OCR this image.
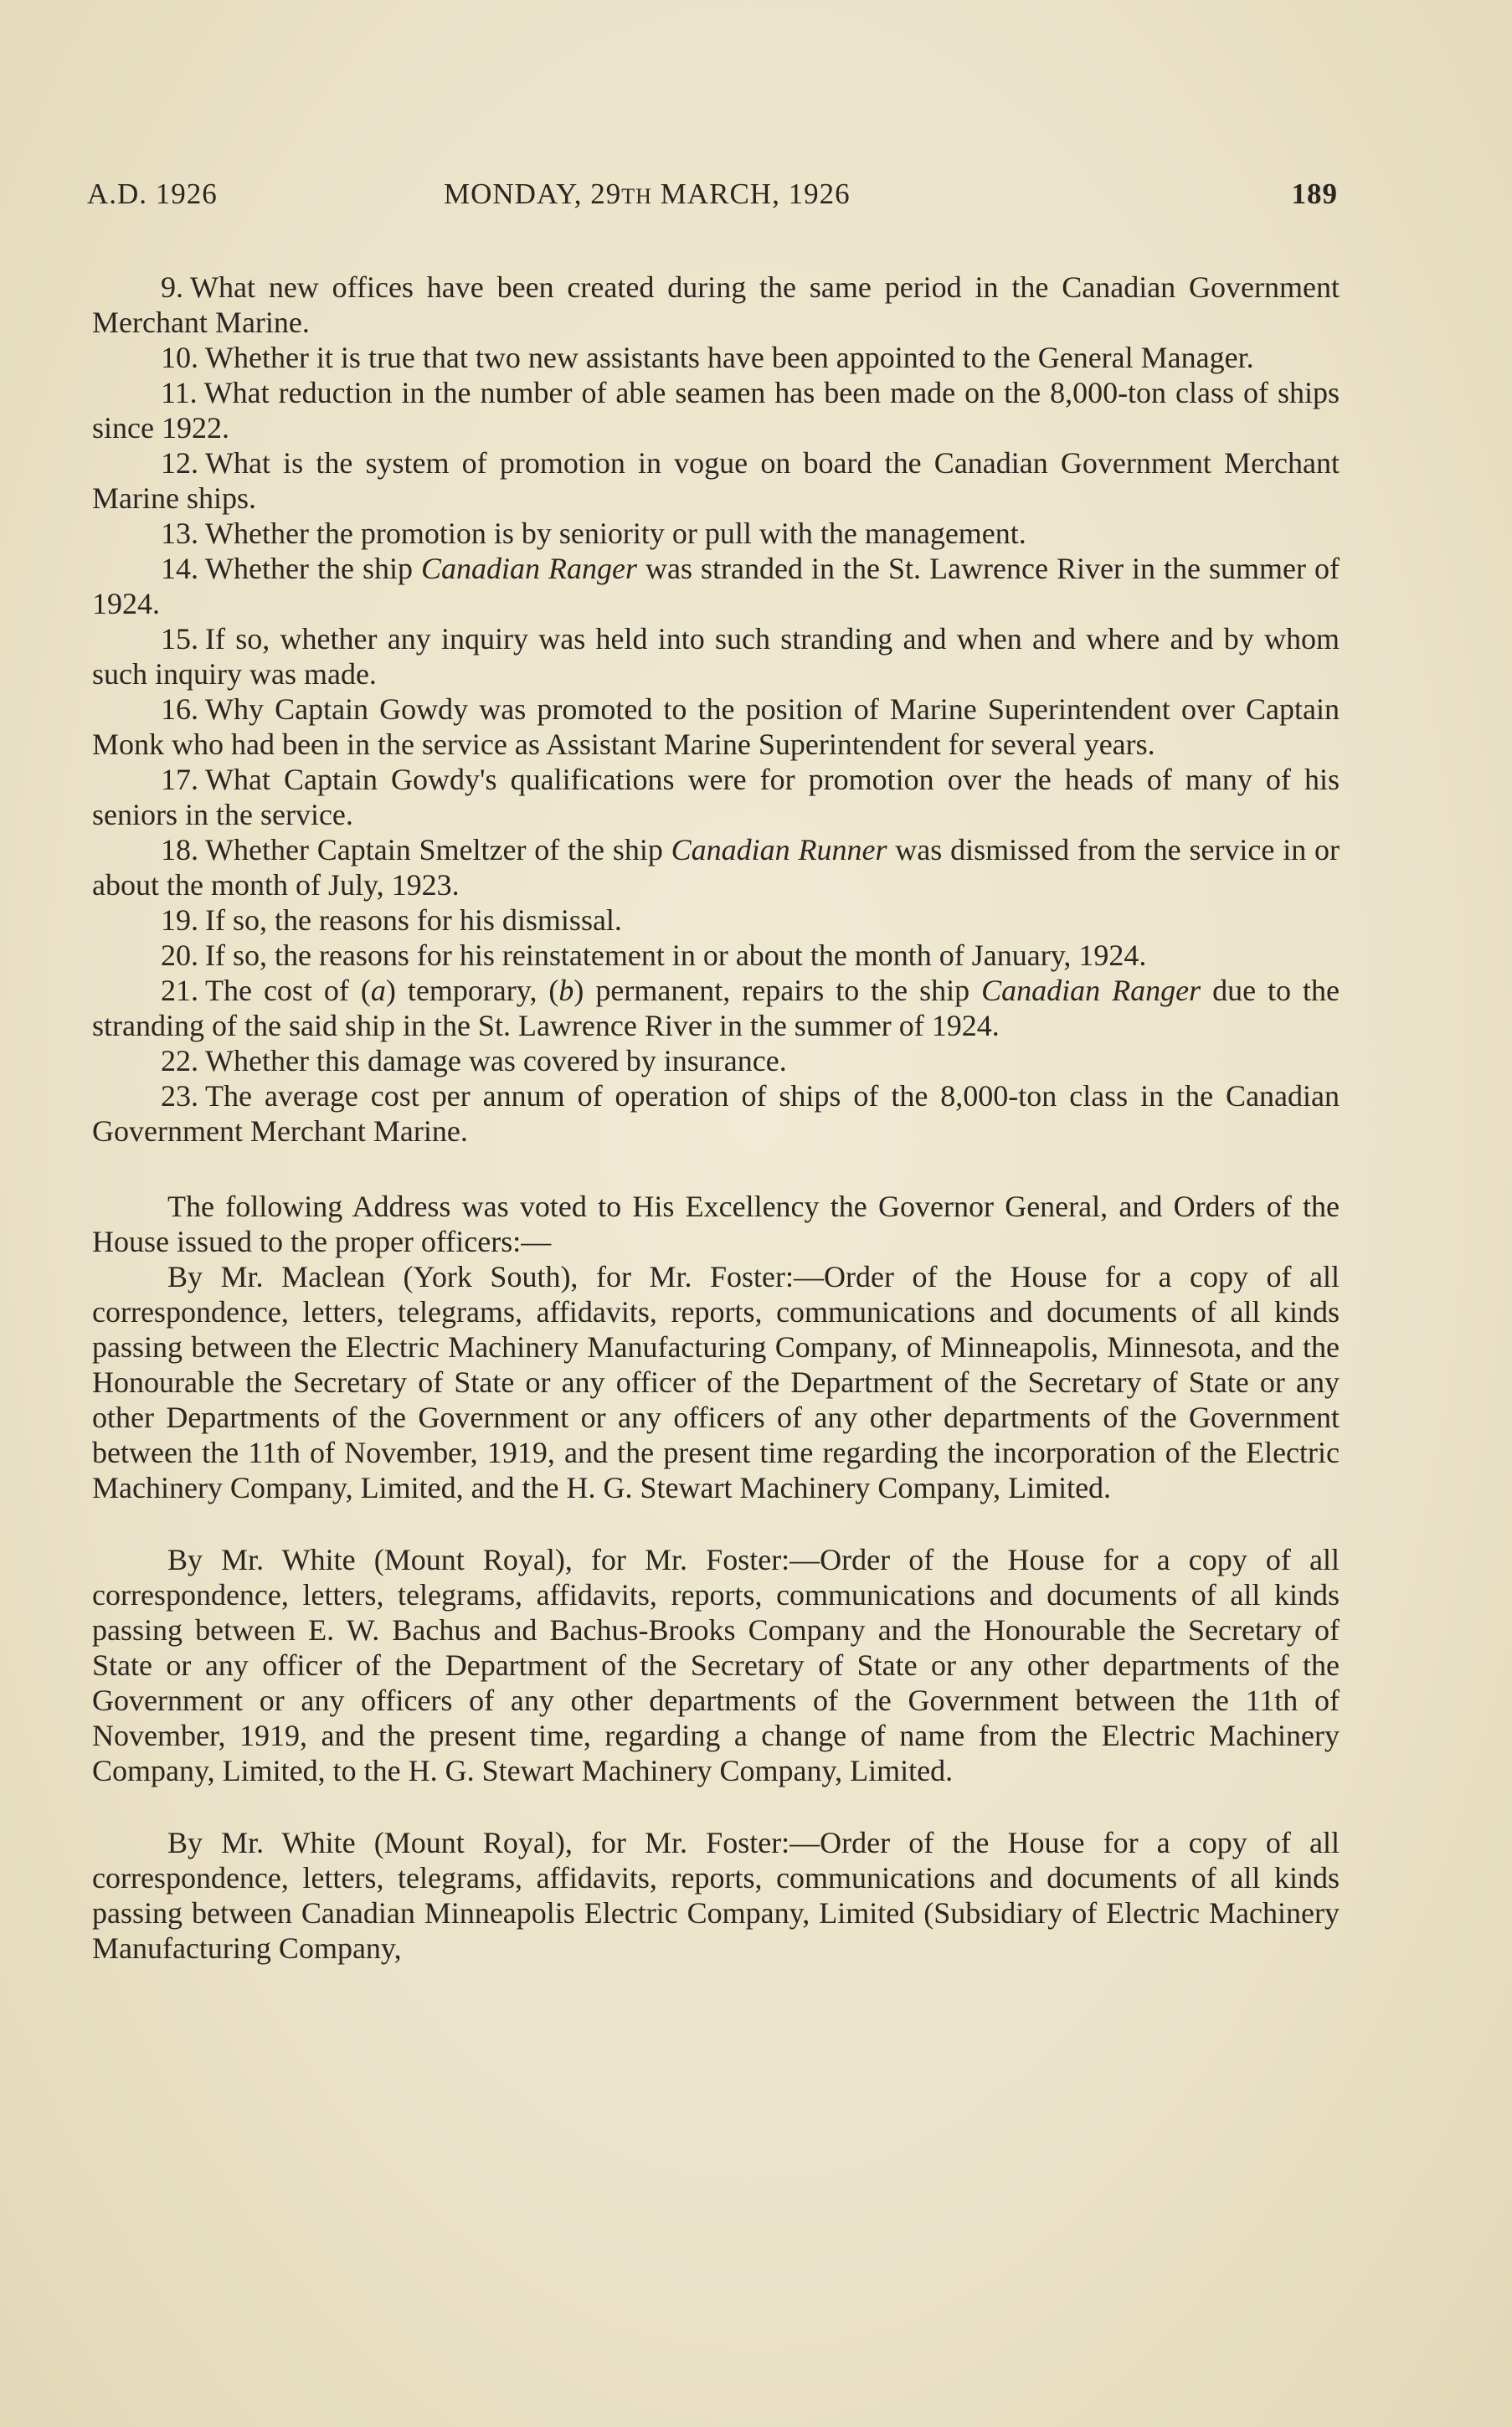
A.D. 1926	MONDAY, 29TH MARCH, 1926	189

9. What new offices have been created during the same period in the Canadian Government Merchant Marine.

10. Whether it is true that two new assistants have been appointed to the General Manager.

11. What reduction in the number of able seamen has been made on the 8,000-ton class of ships since 1922.

12. What is the system of promotion in vogue on board the Canadian Government Merchant Marine ships.

13. Whether the promotion is by seniority or pull with the management.

14. Whether the ship Canadian Ranger was stranded in the St. Lawrence River in the summer of 1924.

15. If so, whether any inquiry was held into such stranding and when and where and by whom such inquiry was made.

16. Why Captain Gowdy was promoted to the position of Marine Superintendent over Captain Monk who had been in the service as Assistant Marine Superintendent for several years.

17. What Captain Gowdy's qualifications were for promotion over the heads of many of his seniors in the service.

18. Whether Captain Smeltzer of the ship Canadian Runner was dismissed from the service in or about the month of July, 1923.

19. If so, the reasons for his dismissal.

20. If so, the reasons for his reinstatement in or about the month of January, 1924.

21. The cost of (a) temporary, (b) permanent, repairs to the ship Canadian Ranger due to the stranding of the said ship in the St. Lawrence River in the summer of 1924.

22. Whether this damage was covered by insurance.

23. The average cost per annum of operation of ships of the 8,000-ton class in the Canadian Government Merchant Marine.

The following Address was voted to His Excellency the Governor General, and Orders of the House issued to the proper officers:—

By Mr. Maclean (York South), for Mr. Foster:—Order of the House for a copy of all correspondence, letters, telegrams, affidavits, reports, communications and documents of all kinds passing between the Electric Machinery Manufacturing Company, of Minneapolis, Minnesota, and the Honourable the Secretary of State or any officer of the Department of the Secretary of State or any other Departments of the Government or any officers of any other departments of the Government between the 11th of November, 1919, and the present time regarding the incorporation of the Electric Machinery Company, Limited, and the H. G. Stewart Machinery Company, Limited.

By Mr. White (Mount Royal), for Mr. Foster:—Order of the House for a copy of all correspondence, letters, telegrams, affidavits, reports, communications and documents of all kinds passing between E. W. Bachus and Bachus-Brooks Company and the Honourable the Secretary of State or any officer of the Department of the Secretary of State or any other departments of the Government or any officers of any other departments of the Government between the 11th of November, 1919, and the present time, regarding a change of name from the Electric Machinery Company, Limited, to the H. G. Stewart Machinery Company, Limited.

By Mr. White (Mount Royal), for Mr. Foster:—Order of the House for a copy of all correspondence, letters, telegrams, affidavits, reports, communications and documents of all kinds passing between Canadian Minneapolis Electric Company, Limited (Subsidiary of Electric Machinery Manufacturing Company,
